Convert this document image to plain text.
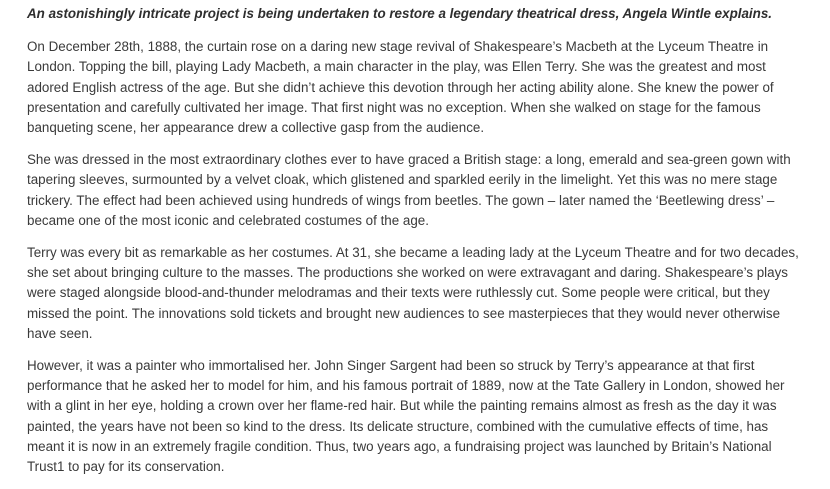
An astonishingly intricate project is being undertaken to restore a legendary theatrical dress, Angela Wintle explains.

On December 28th, 1888, the curtain rose on a daring new stage revival of Shakespeare’s Macbeth at the Lyceum Theatre in London. Topping the bill, playing Lady Macbeth, a main character in the play, was Ellen Terry. She was the greatest and most adored English actress of the age. But she didn’t achieve this devotion through her acting ability alone. She knew the power of presentation and carefully cultivated her image. That first night was no exception. When she walked on stage for the famous banqueting scene, her appearance drew a collective gasp from the audience.

She was dressed in the most extraordinary clothes ever to have graced a British stage: a long, emerald and sea-green gown with tapering sleeves, surmounted by a velvet cloak, which glistened and sparkled eerily in the limelight. Yet this was no mere stage trickery. The effect had been achieved using hundreds of wings from beetles. The gown – later named the ‘Beetlewing dress’ – became one of the most iconic and celebrated costumes of the age.

Terry was every bit as remarkable as her costumes. At 31, she became a leading lady at the Lyceum Theatre and for two decades, she set about bringing culture to the masses. The productions she worked on were extravagant and daring. Shakespeare’s plays were staged alongside blood-and-thunder melodramas and their texts were ruthlessly cut. Some people were critical, but they missed the point. The innovations sold tickets and brought new audiences to see masterpieces that they would never otherwise have seen.

However, it was a painter who immortalised her. John Singer Sargent had been so struck by Terry’s appearance at that first performance that he asked her to model for him, and his famous portrait of 1889, now at the Tate Gallery in London, showed her with a glint in her eye, holding a crown over her flame-red hair. But while the painting remains almost as fresh as the day it was painted, the years have not been so kind to the dress. Its delicate structure, combined with the cumulative effects of time, has meant it is now in an extremely fragile condition. Thus, two years ago, a fundraising project was launched by Britain’s National Trust1 to pay for its conservation.
